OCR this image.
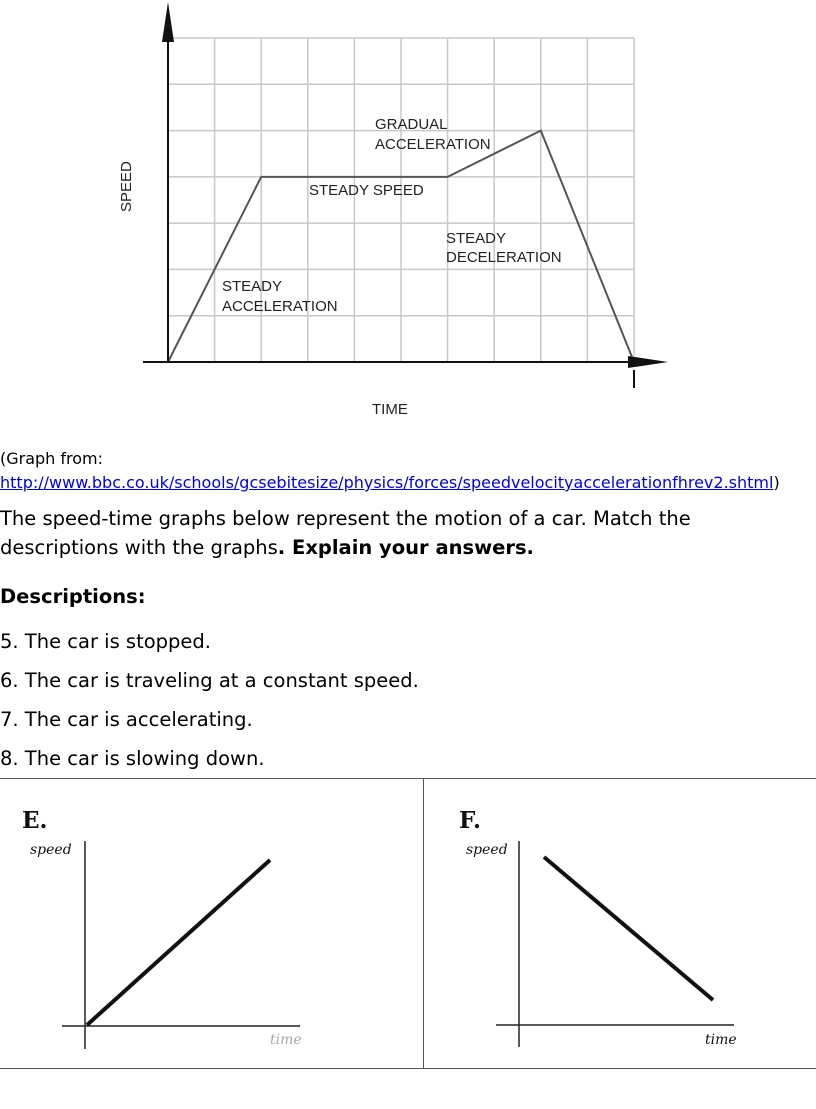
SPEED
TIME
STEADY
ACCELERATION
STEADY SPEED
GRADUAL
ACCELERATION
STEADY
DECELERATION
(Graph from:
http://www.bbc.co.uk/schools/gcsebitesize/physics/forces/speedvelocityaccelerationfhrev2.shtml)
The speed-time graphs below represent the motion of a car. Match the descriptions with the graphs. Explain your answers.
Descriptions:
5. The car is stopped.
6. The car is traveling at a constant speed.
7. The car is accelerating.
8. The car is slowing down.
E.
speed
time
F.
speed
time
